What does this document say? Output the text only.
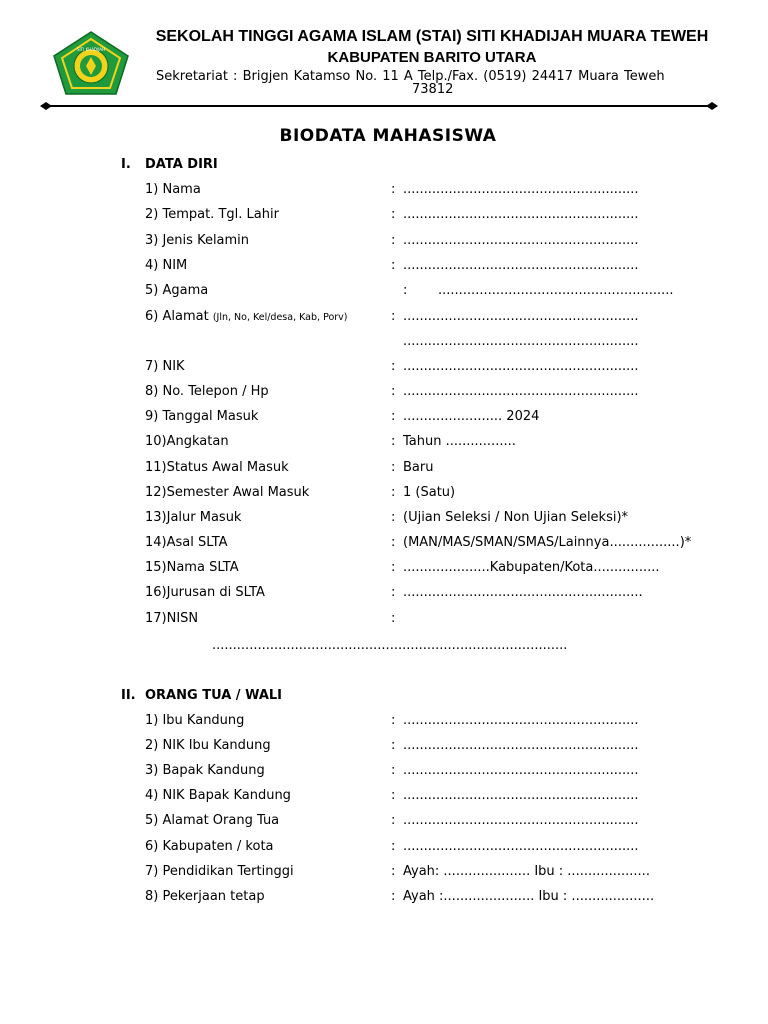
SITI KHADIJAH
SEKOLAH TINGGI AGAMA ISLAM (STAI) SITI KHADIJAH MUARA TEWEH
KABUPATEN BARITO UTARA
Sekretariat : Brigjen Katamso No. 11 A Telp./Fax. (0519) 24417 Muara Teweh
73812
BIODATA MAHASISWA
I. DATA DIRI
1) Nama	: .........................................................
2) Tempat. Tgl. Lahir	: .........................................................
3) Jenis Kelamin	: .........................................................
4) NIM	: .........................................................
5) Agama	: .........................................................
6) Alamat (Jln, No, Kel/desa, Kab, Porv)	: .........................................................
.........................................................
7) NIK	: .........................................................
8) No. Telepon / Hp	: .........................................................
9) Tanggal Masuk	: ........................ 2024
10)Angkatan	: Tahun .................
11)Status Awal Masuk	: Baru
12)Semester Awal Masuk	: 1 (Satu)
13)Jalur Masuk	: (Ujian Seleksi / Non Ujian Seleksi)*
14)Asal SLTA	: (MAN/MAS/SMAN/SMAS/Lainnya.................)*
15)Nama SLTA	: .....................Kabupaten/Kota................
16)Jurusan di SLTA	: ..........................................................
17)NISN	:
......................................................................................
II. ORANG TUA / WALI
1) Ibu Kandung	: .........................................................
2) NIK Ibu Kandung	: .........................................................
3) Bapak Kandung	: .........................................................
4) NIK Bapak Kandung	: .........................................................
5) Alamat Orang Tua	: .........................................................
6) Kabupaten / kota	: .........................................................
7) Pendidikan Tertinggi	: Ayah: ..................... Ibu : ....................
8) Pekerjaan tetap	: Ayah :...................... Ibu : ....................
